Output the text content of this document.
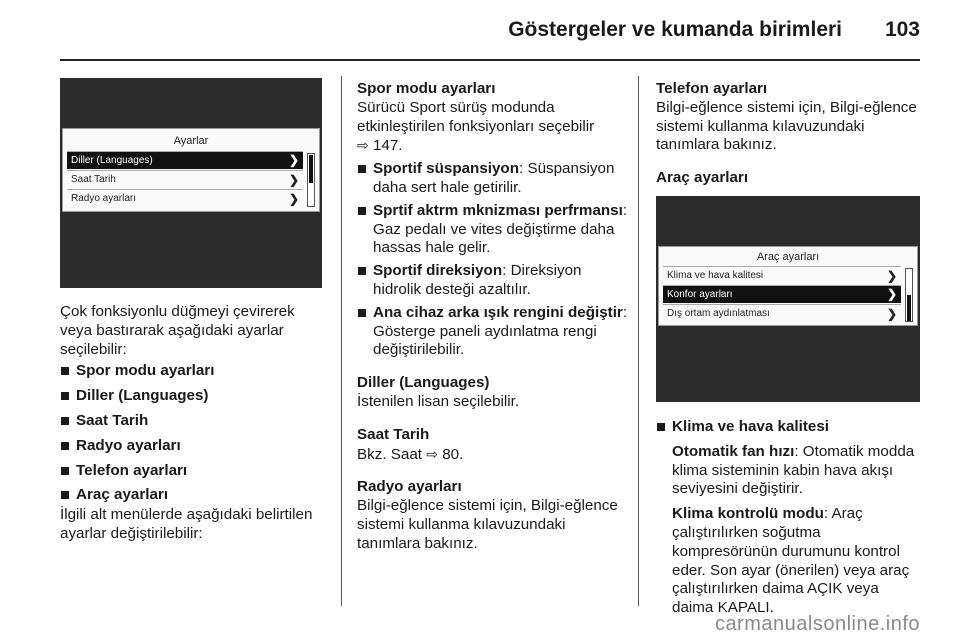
Göstergeler ve kumanda birimleri 103
Ayarlar
Diller (Languages)	❯
Saat Tarih	❯
Radyo ayarları	❯

Çok fonksiyonlu düğmeyi çevirerek veya bastırarak aşağıdaki ayarlar seçilebilir:

Spor modu ayarları
Diller (Languages)
Saat Tarih
Radyo ayarları
Telefon ayarları
Araç ayarları

İlgili alt menülerde aşağıdaki belirtilen ayarlar değiştirilebilir:

Spor modu ayarları

Sürücü Sport sürüş modunda etkinleştirilen fonksiyonları seçebilir
⇨ 147.

Sportif süspansiyon: Süspansiyon daha sert hale getirilir.
Sprtif aktrm mknizması perfrmansı: Gaz pedalı ve vites değiştirme daha hassas hale gelir.
Sportif direksiyon: Direksiyon hidrolik desteği azaltılır.
Ana cihaz arka ışık rengini değiştir: Gösterge paneli aydınlatma rengi değiştirilebilir.

Diller (Languages)

İstenilen lisan seçilebilir.

Saat Tarih

Bkz. Saat ⇨ 80.

Radyo ayarları

Bilgi-eğlence sistemi için, Bilgi-eğlence sistemi kullanma kılavuzundaki tanımlara bakınız.

Telefon ayarları

Bilgi-eğlence sistemi için, Bilgi-eğlence sistemi kullanma kılavuzundaki tanımlara bakınız.

Araç ayarları

Araç ayarları
Klima ve hava kalitesi	❯
Konfor ayarları	❯
Dış ortam aydınlatması	❯
Klima ve hava kalitesi

Otomatik fan hızı: Otomatik modda klima sisteminin kabin hava akışı seviyesini değiştirir.

Klima kontrolü modu: Araç çalıştırılırken soğutma kompresörünün durumunu kontrol eder. Son ayar (önerilen) veya araç çalıştırılırken daima AÇIK veya daima KAPALI.

carmanualsonline.info
